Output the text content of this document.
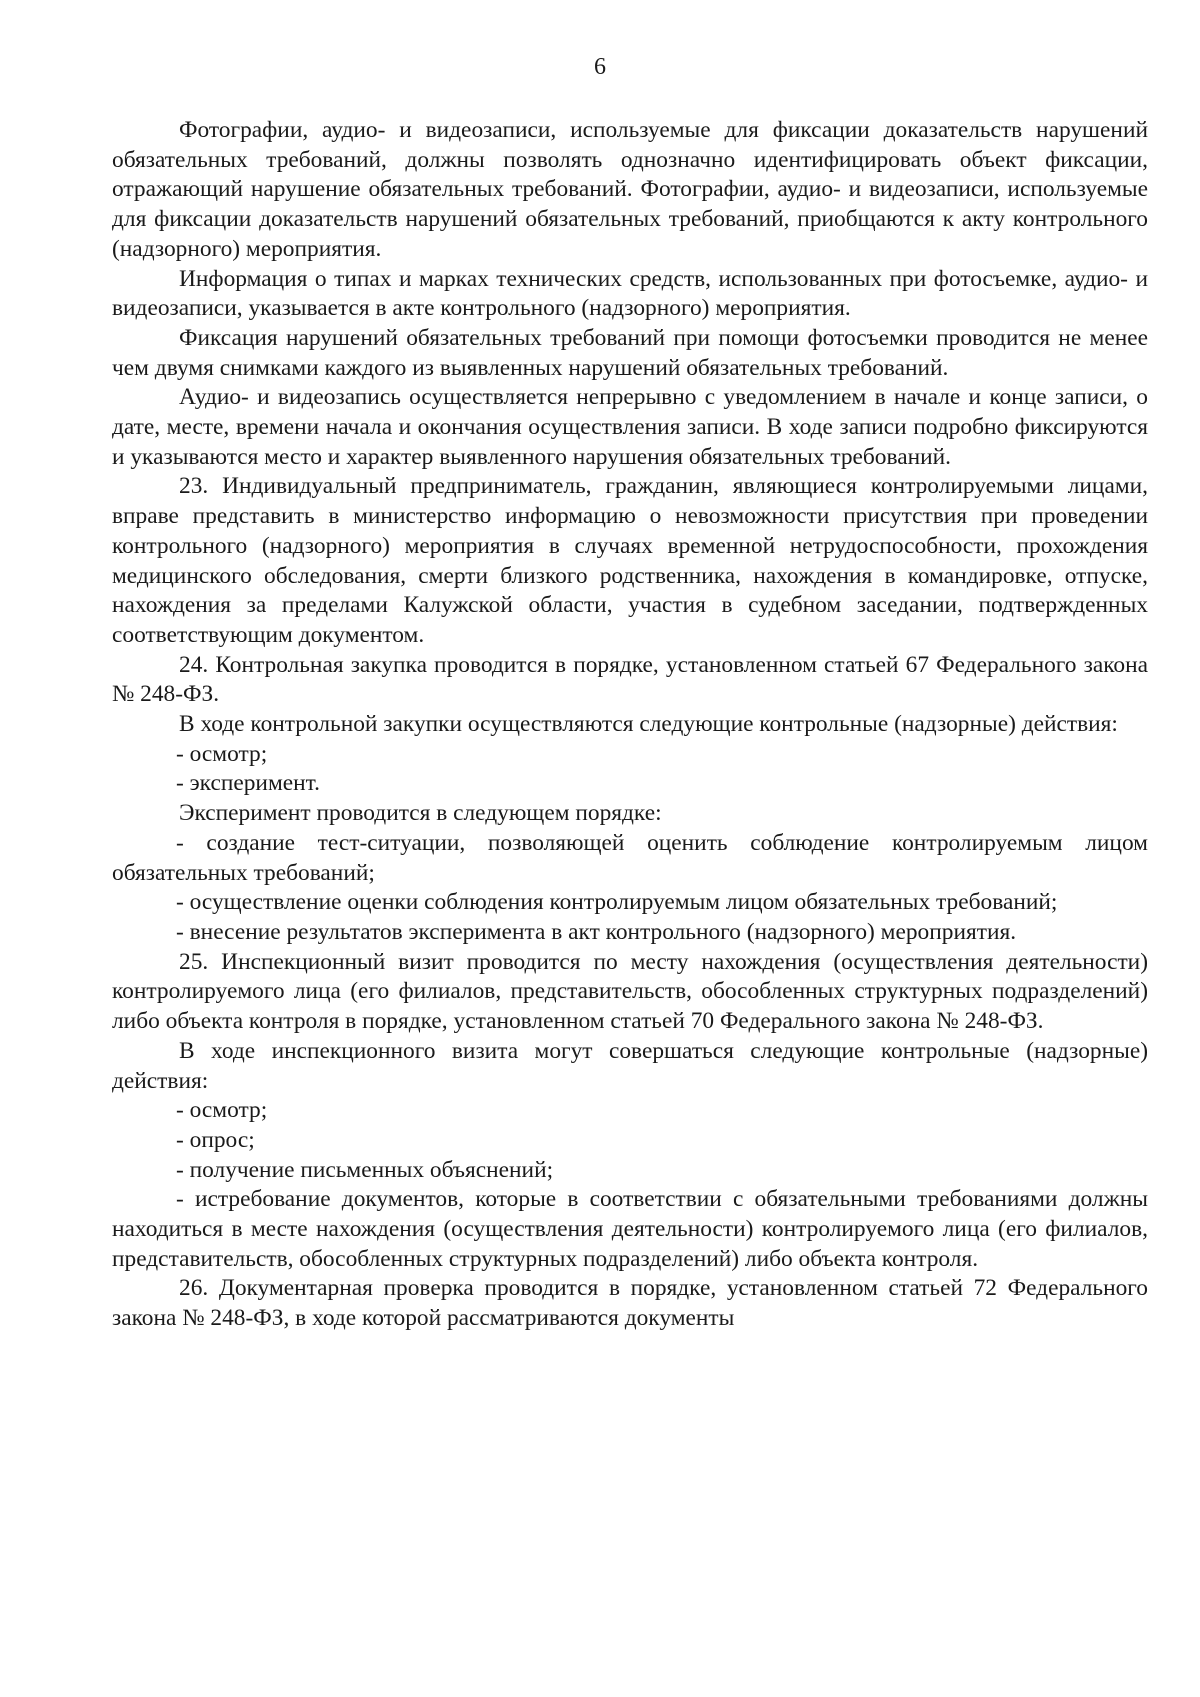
6

Фотографии, аудио- и видеозаписи, используемые для фиксации доказательств нарушений обязательных требований, должны позволять однозначно идентифицировать объект фиксации, отражающий нарушение обязательных требований. Фотографии, аудио- и видеозаписи, используемые для фиксации доказательств нарушений обязательных требований, приобщаются к акту контрольного (надзорного) мероприятия.

Информация о типах и марках технических средств, использованных при фотосъемке, аудио- и видеозаписи, указывается в акте контрольного (надзорного) мероприятия.

Фиксация нарушений обязательных требований при помощи фотосъемки проводится не менее чем двумя снимками каждого из выявленных нарушений обязательных требований.

Аудио- и видеозапись осуществляется непрерывно с уведомлением в начале и конце записи, о дате, месте, времени начала и окончания осуществления записи. В ходе записи подробно фиксируются и указываются место и характер выявленного нарушения обязательных требований.

23. Индивидуальный предприниматель, гражданин, являющиеся контролируемыми лицами, вправе представить в министерство информацию о невозможности присутствия при проведении контрольного (надзорного) мероприятия в случаях временной нетрудоспособности, прохождения медицинского обследования, смерти близкого родственника, нахождения в командировке, отпуске, нахождения за пределами Калужской области, участия в судебном заседании, подтвержденных соответствующим документом.

24. Контрольная закупка проводится в порядке, установленном статьей 67 Федерального закона № 248-ФЗ.

В ходе контрольной закупки осуществляются следующие контрольные (надзорные) действия:

- осмотр;

- эксперимент.

Эксперимент проводится в следующем порядке:

- создание тест-ситуации, позволяющей оценить соблюдение контролируемым лицом обязательных требований;

- осуществление оценки соблюдения контролируемым лицом обязательных требований;

- внесение результатов эксперимента в акт контрольного (надзорного) мероприятия.

25. Инспекционный визит проводится по месту нахождения (осуществления деятельности) контролируемого лица (его филиалов, представительств, обособленных структурных подразделений) либо объекта контроля в порядке, установленном статьей 70 Федерального закона № 248-ФЗ.

В ходе инспекционного визита могут совершаться следующие контрольные (надзорные) действия:

- осмотр;

- опрос;

- получение письменных объяснений;

- истребование документов, которые в соответствии с обязательными требованиями должны находиться в месте нахождения (осуществления деятельности) контролируемого лица (его филиалов, представительств, обособленных структурных подразделений) либо объекта контроля.

26. Документарная проверка проводится в порядке, установленном статьей 72 Федерального закона № 248-ФЗ, в ходе которой рассматриваются документы
